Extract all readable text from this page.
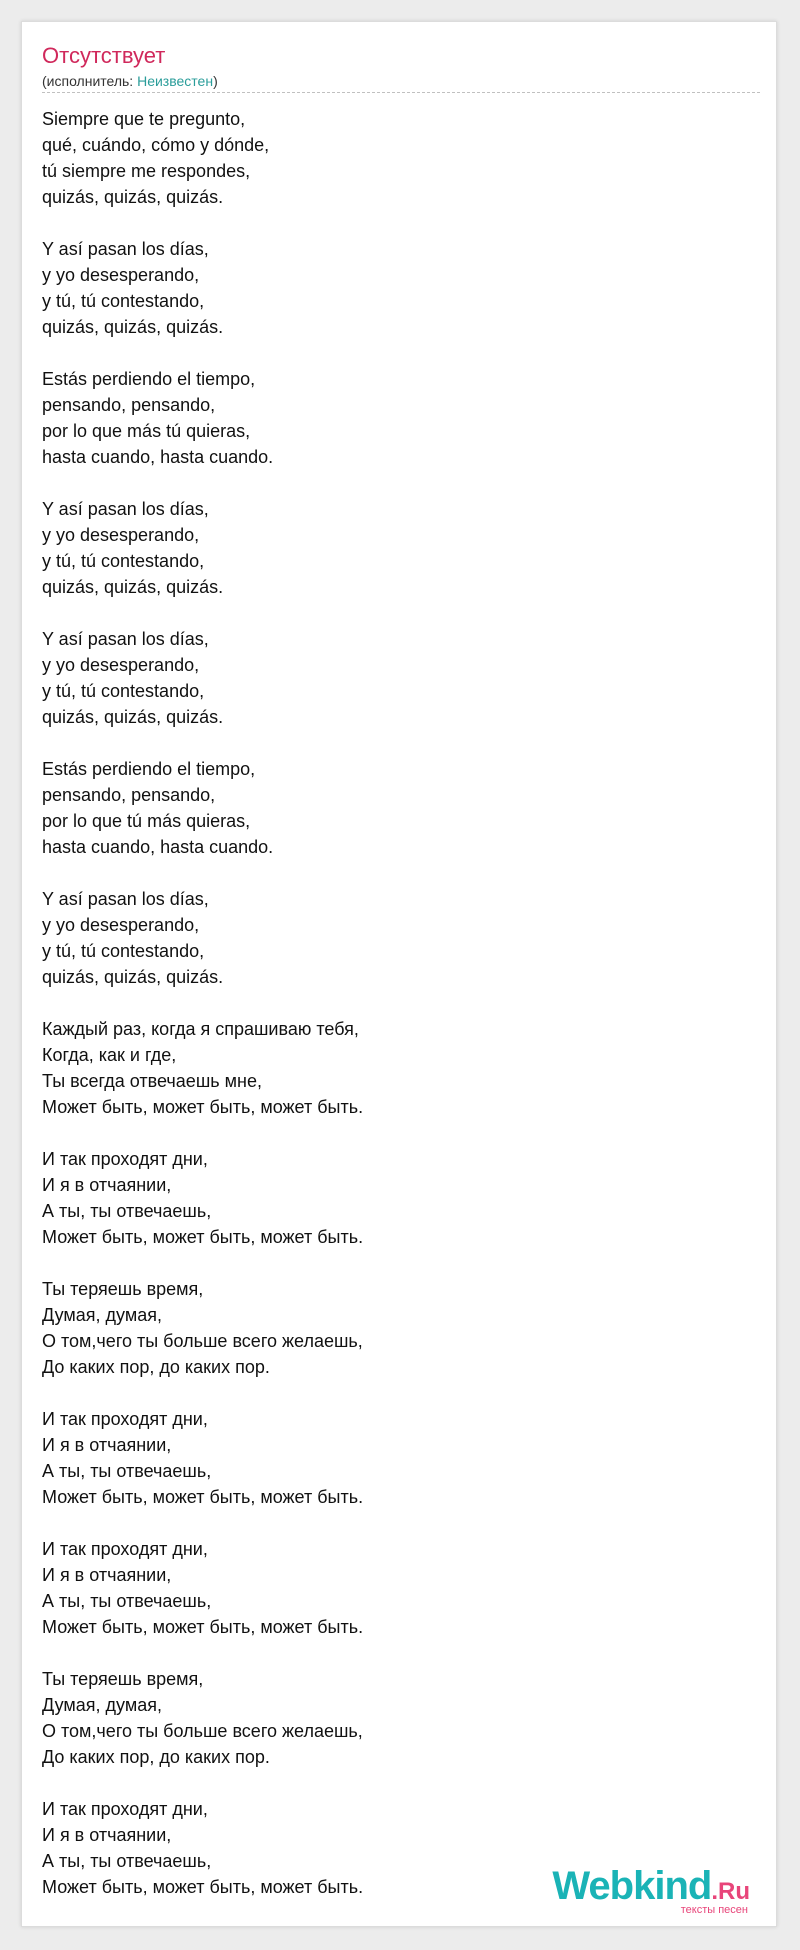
Отсутствует
(исполнитель: Неизвестен)
Siempre que te pregunto,
qué, cuándo, cómo y dónde,
tú siempre me respondes,
quizás, quizás, quizás.
Y así pasan los días,
y yo desesperando,
y tú, tú contestando,
quizás, quizás, quizás.
Estás perdiendo el tiempo,
pensando, pensando,
por lo que más tú quieras,
hasta cuando, hasta cuando.
Y así pasan los días,
y yo desesperando,
y tú, tú contestando,
quizás, quizás, quizás.
Y así pasan los días,
y yo desesperando,
y tú, tú contestando,
quizás, quizás, quizás.
Estás perdiendo el tiempo,
pensando, pensando,
por lo que tú más quieras,
hasta cuando, hasta cuando.
Y así pasan los días,
y yo desesperando,
y tú, tú contestando,
quizás, quizás, quizás.
Каждый раз, когда я спрашиваю тебя,
Когда, как и где,
Ты всегда отвечаешь мне,
Может быть, может быть, может быть.
И так проходят дни,
И я в отчаянии,
А ты, ты отвечаешь,
Может быть, может быть, может быть.
Ты теряешь время,
Думая, думая,
О том,чего ты больше всего желаешь,
До каких пор, до каких пор.
И так проходят дни,
И я в отчаянии,
А ты, ты отвечаешь,
Может быть, может быть, может быть.
И так проходят дни,
И я в отчаянии,
А ты, ты отвечаешь,
Может быть, может быть, может быть.
Ты теряешь время,
Думая, думая,
О том,чего ты больше всего желаешь,
До каких пор, до каких пор.
И так проходят дни,
И я в отчаянии,
А ты, ты отвечаешь,
Может быть, может быть, может быть.	Webkind.Ru
тексты песен
